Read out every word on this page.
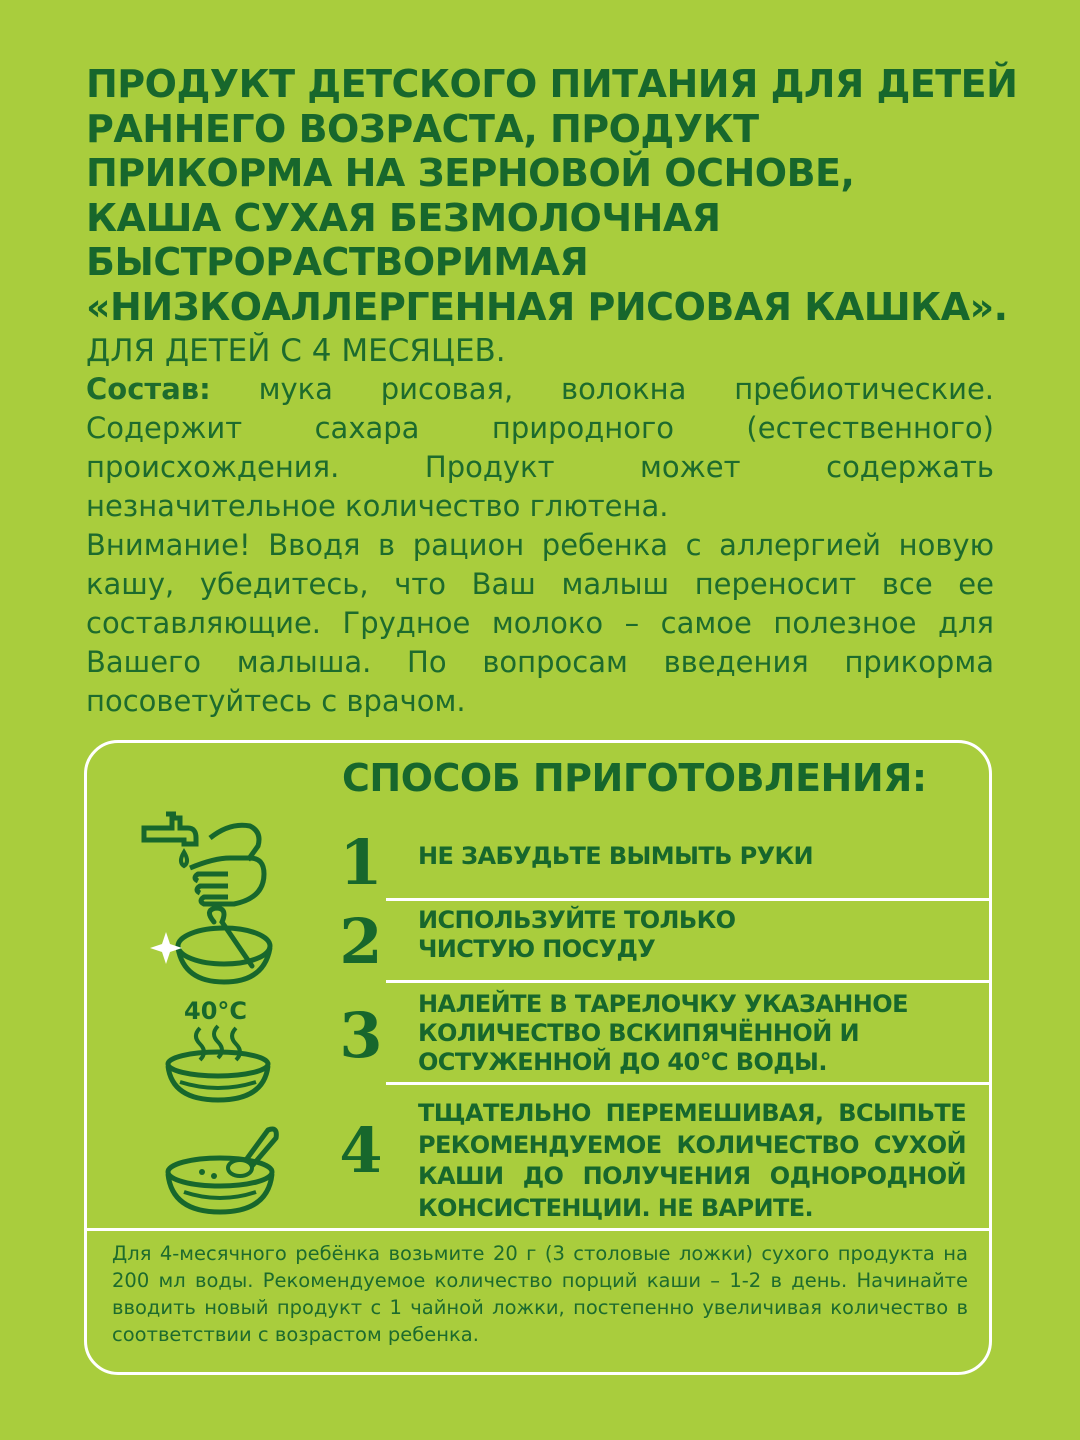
ПРОДУКТ ДЕТСКОГО ПИТАНИЯ ДЛЯ ДЕТЕЙ
РАННЕГО ВОЗРАСТА, ПРОДУКТ
ПРИКОРМА НА ЗЕРНОВОЙ ОСНОВЕ,
КАША СУХАЯ БЕЗМОЛОЧНАЯ
БЫСТРОРАСТВОРИМАЯ
«НИЗКОАЛЛЕРГЕННАЯ РИСОВАЯ КАШКА».
ДЛЯ ДЕТЕЙ С 4 МЕСЯЦЕВ.

Состав: мука рисовая, волокна пребиотические. Содержит сахара природного (естественного) происхождения. Продукт может содержать незначительное количество глютена.

Внимание! Вводя в рацион ребенка с аллергией новую кашу, убедитесь, что Ваш малыш переносит все ее составляющие. Грудное молоко – самое полезное для Вашего малыша. По вопросам введения прикорма посоветуйтесь с врачом.

СПОСОБ ПРИГОТОВЛЕНИЯ:
1 НЕ ЗАБУДЬТЕ ВЫМЫТЬ РУКИ
2 ИСПОЛЬЗУЙТЕ ТОЛЬКО
ЧИСТУЮ ПОСУДУ
40°С 3 НАЛЕЙТЕ В ТАРЕЛОЧКУ УКАЗАННОЕ
КОЛИЧЕСТВО ВСКИПЯЧЁННОЙ И
ОСТУЖЕННОЙ ДО 40°С ВОДЫ.
4
ТЩАТЕЛЬНО ПЕРЕМЕШИВАЯ, ВСЫПЬТЕ РЕКОМЕНДУЕМОЕ КОЛИЧЕСТВО СУХОЙ КАШИ ДО ПОЛУЧЕНИЯ ОДНОРОДНОЙ КОНСИСТЕНЦИИ. НЕ ВАРИТЕ.
Для 4-месячного ребёнка возьмите 20 г (3 столовые ложки) сухого продукта на 200 мл воды. Рекомендуемое количество порций каши – 1-2 в день. Начинайте вводить новый продукт с 1 чайной ложки, постепенно увеличивая количество в соответствии с возрастом ребенка.
